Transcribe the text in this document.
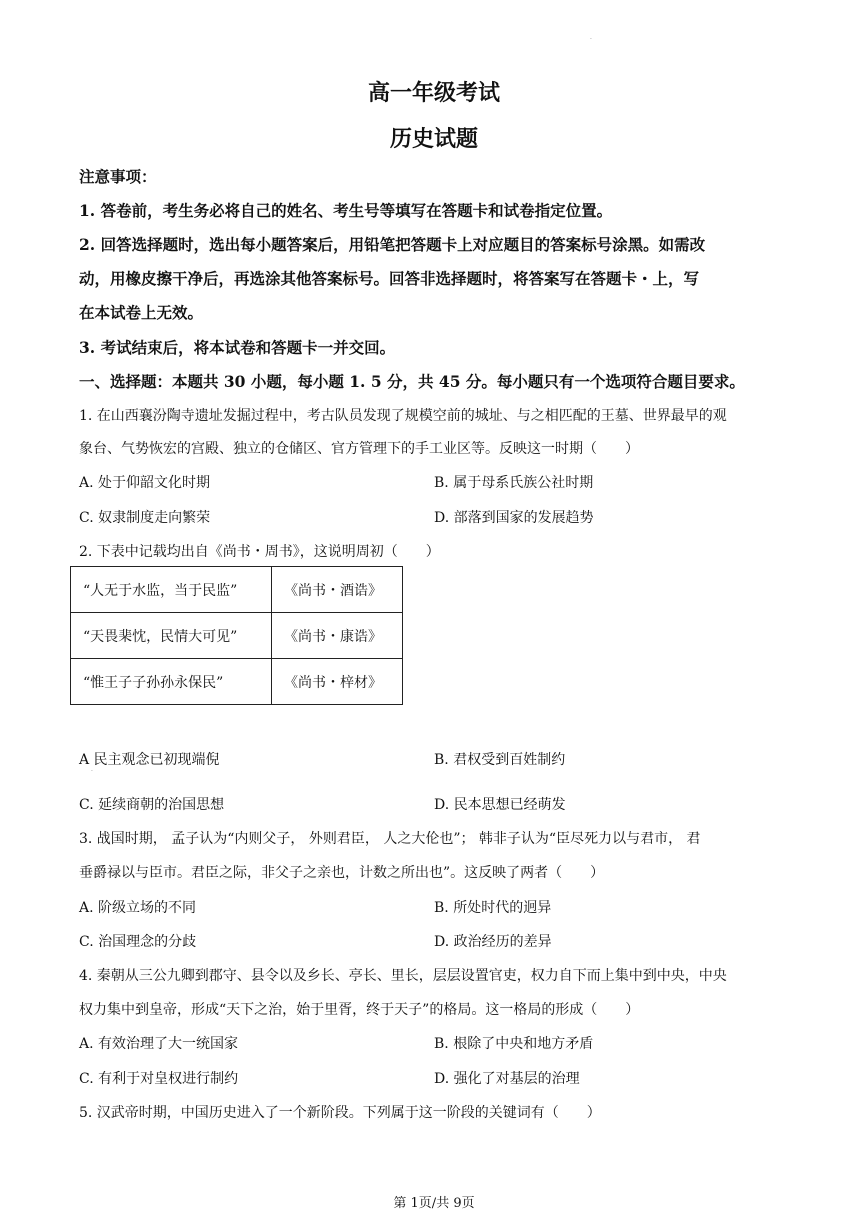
·
高一年级考试
历史试题
注意事项：
1. 答卷前，考生务必将自己的姓名、考生号等填写在答题卡和试卷指定位置。
2. 回答选择题时，选出每小题答案后，用铅笔把答题卡上对应题目的答案标号涂黑。如需改
动，用橡皮擦干净后，再选涂其他答案标号。回答非选择题时，将答案写在答题卡・上，写
在本试卷上无效。
3. 考试结束后，将本试卷和答题卡一并交回。
一、选择题：本题共 30 小题，每小题 1. 5 分，共 45 分。每小题只有一个选项符合题目要求。
1. 在山西襄汾陶寺遗址发掘过程中，考古队员发现了规模空前的城址、与之相匹配的王墓、世界最早的观
象台、气势恢宏的宫殿、独立的仓储区、官方管理下的手工业区等。反映这一时期（　　）
A. 处于仰韶文化时期	B. 属于母系氏族公社时期
C. 奴隶制度走向繁荣	D. 部落到国家的发展趋势
2. 下表中记载均出自《尚书・周书》，这说明周初（　　）
“人无于水监，当于民监”	《尚书・酒诰》
“天畏棐忱，民情大可见”	《尚书・康诰》
“惟王子子孙孙永保民”	《尚书・梓材》
A 民主观念已初现端倪
·
B. 君权受到百姓制约
C. 延续商朝的治国思想	D. 民本思想已经萌发
3. 战国时期， 孟子认为“内则父子， 外则君臣， 人之大伦也”； 韩非子认为“臣尽死力以与君市， 君
垂爵禄以与臣市。君臣之际，非父子之亲也，计数之所出也”。这反映了两者（　　）
A. 阶级立场的不同	B. 所处时代的迥异
C. 治国理念的分歧	D. 政治经历的差异
4. 秦朝从三公九卿到郡守、县令以及乡长、亭长、里长，层层设置官吏，权力自下而上集中到中央，中央
权力集中到皇帝，形成“天下之治，始于里胥，终于天子”的格局。这一格局的形成（　　）
A. 有效治理了大一统国家	B. 根除了中央和地方矛盾
C. 有利于对皇权进行制约	D. 强化了对基层的治理
5. 汉武帝时期，中国历史进入了一个新阶段。下列属于这一阶段的关键词有（　　）
第 1页/共 9页
